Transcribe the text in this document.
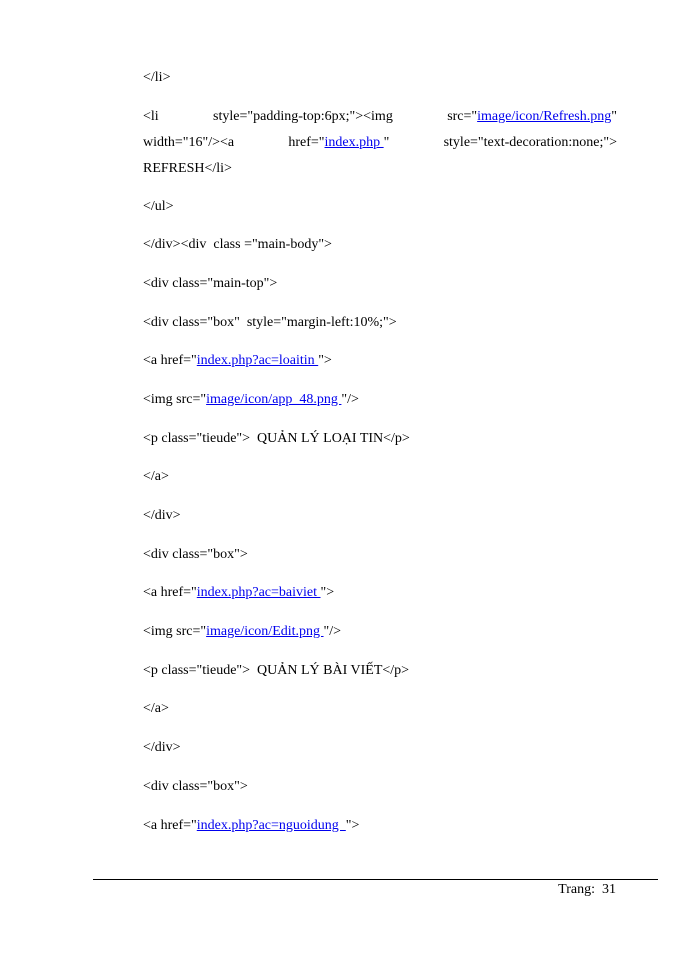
</li>
<li	style="padding-top:6px;"><img	src="image/icon/Refresh.png"
width="16"/><a	href="index.php "	style="text-decoration:none;">
REFRESH</li>
</ul>
</div><div  class ="main-body">
<div class="main-top">
<div class="box"  style="margin-left:10%;">
<a href="index.php?ac=loaitin ">
<img src="image/icon/app_48.png "/>
<p class="tieude">  QUẢN LÝ LOẠI TIN</p>
</a>
</div>
<div class="box">
<a href="index.php?ac=baiviet ">
<img src="image/icon/Edit.png "/>
<p class="tieude">  QUẢN LÝ BÀI VIẾT</p>
</a>
</div>
<div class="box">
<a href="index.php?ac=nguoidung  ">
Trang:  31
